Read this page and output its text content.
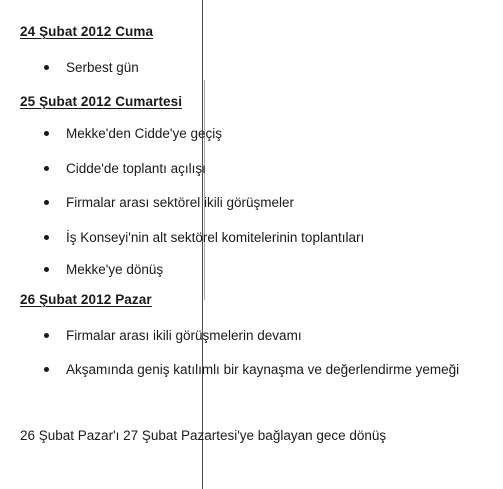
24 Şubat 2012 Cuma
Serbest gün
25 Şubat 2012 Cumartesi
Mekke'den Cidde'ye geçiş
Cidde'de toplantı açılışı
Firmalar arası sektörel ikili görüşmeler
İş Konseyi'nin alt sektörel komitelerinin toplantıları
Mekke'ye dönüş
26 Şubat 2012 Pazar
Firmalar arası ikili görüşmelerin devamı
Akşamında geniş katılımlı bir kaynaşma ve değerlendirme yemeği
26 Şubat Pazar'ı 27 Şubat Pazartesi'ye bağlayan gece dönüş
